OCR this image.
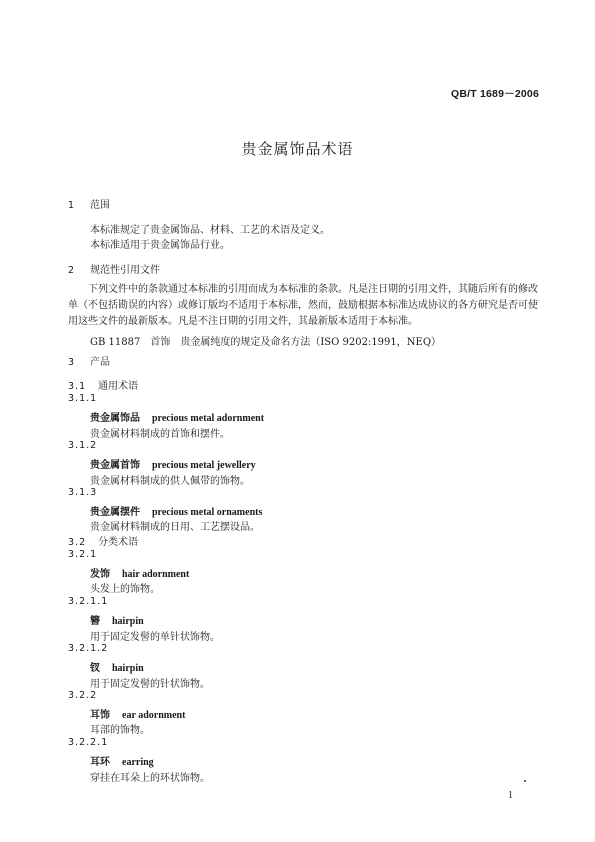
QB/T 1689－2006
贵金属饰品术语
1 范围
本标准规定了贵金属饰品、材料、工艺的术语及定义。
本标准适用于贵金属饰品行业。
2 规范性引用文件
下列文件中的条款通过本标准的引用而成为本标准的条款。凡是注日期的引用文件，其随后所有的修改单（不包括勘误的内容）或修订版均不适用于本标准，然而，鼓励根据本标准达成协议的各方研究是否可使用这些文件的最新版本。凡是不注日期的引用文件，其最新版本适用于本标准。
GB 11887　首饰　贵金属纯度的规定及命名方法（ISO 9202:1991，NEQ）
3 产品
3.1 通用术语
3.1.1
贵金属饰品 precious metal adornment
贵金属材料制成的首饰和摆件。
3.1.2
贵金属首饰 precious metal jewellery
贵金属材料制成的供人佩带的饰物。
3.1.3
贵金属摆件 precious metal ornaments
贵金属材料制成的日用、工艺摆设品。
3.2 分类术语
3.2.1
发饰 hair adornment
头发上的饰物。
3.2.1.1
簪 hairpin
用于固定发髻的单针状饰物。
3.2.1.2
钗 hairpin
用于固定发髻的针状饰物。
3.2.2
耳饰 ear adornment
耳部的饰物。
3.2.2.1
耳环 earring
穿挂在耳朵上的环状饰物。
1
